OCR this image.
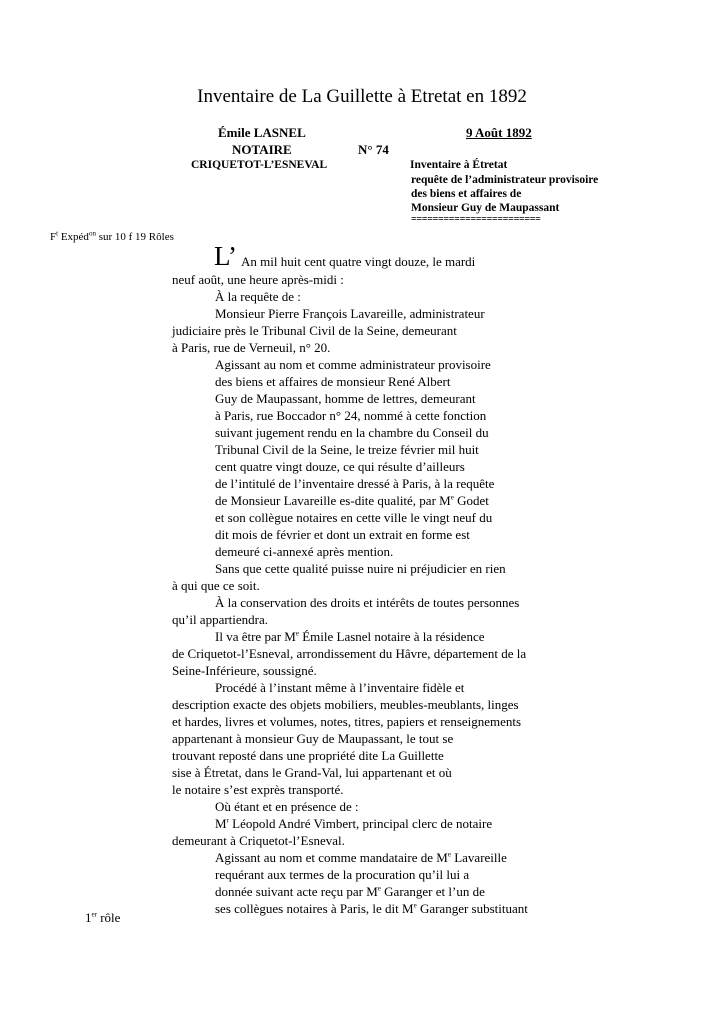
Inventaire de La Guillette à Etretat en 1892
Émile LASNEL	9 Août 1892
NOTAIRE	N° 74
CRIQUETOT-L’ESNEVAL	Inventaire à Étretat
requête de l’administrateur provisoire
des biens et affaires de
Monsieur Guy de Maupassant
========================
$F^t$ Expéd$^{on}$ sur 10 f 19 Rôles
L’ An mil huit cent quatre vingt douze, le mardi
neuf août, une heure après-midi :
À la requête de :
Monsieur Pierre François Lavareille, administrateur
judiciaire près le Tribunal Civil de la Seine, demeurant
à Paris, rue de Verneuil, n° 20.
Agissant au nom et comme administrateur provisoire
des biens et affaires de monsieur René Albert
Guy de Maupassant, homme de lettres, demeurant
à Paris, rue Boccador n° 24, nommé à cette fonction
suivant jugement rendu en la chambre du Conseil du
Tribunal Civil de la Seine, le treize février mil huit
cent quatre vingt douze, ce qui résulte d’ailleurs
de l’intitulé de l’inventaire dressé à Paris, à la requête
de Monsieur Lavareille es-dite qualité, par Me Godet
et son collègue notaires en cette ville le vingt neuf du
dit mois de février et dont un extrait en forme est
demeuré ci-annexé après mention.
Sans que cette qualité puisse nuire ni préjudicier en rien
à qui que ce soit.
À la conservation des droits et intérêts de toutes personnes
qu’il appartiendra.
Il va être par Me Émile Lasnel notaire à la résidence
de Criquetot-l’Esneval, arrondissement du Hâvre, département de la
Seine-Inférieure, soussigné.
Procédé à l’instant même à l’inventaire fidèle et
description exacte des objets mobiliers, meubles-meublants, linges
et hardes, livres et volumes, notes, titres, papiers et renseignements
appartenant à monsieur Guy de Maupassant, le tout se
trouvant reposté dans une propriété dite La Guillette
sise à Étretat, dans le Grand-Val, lui appartenant et où
le notaire s’est exprès transporté.
Où étant et en présence de :
$M^r$ Léopold André Vimbert, principal clerc de notaire
demeurant à Criquetot-l’Esneval.
Agissant au nom et comme mandataire de Me Lavareille
requérant aux termes de la procuration qu’il lui a
donnée suivant acte reçu par Me Garanger et l’un de
ses collègues notaires à Paris, le dit Me Garanger substituant
1er rôle
